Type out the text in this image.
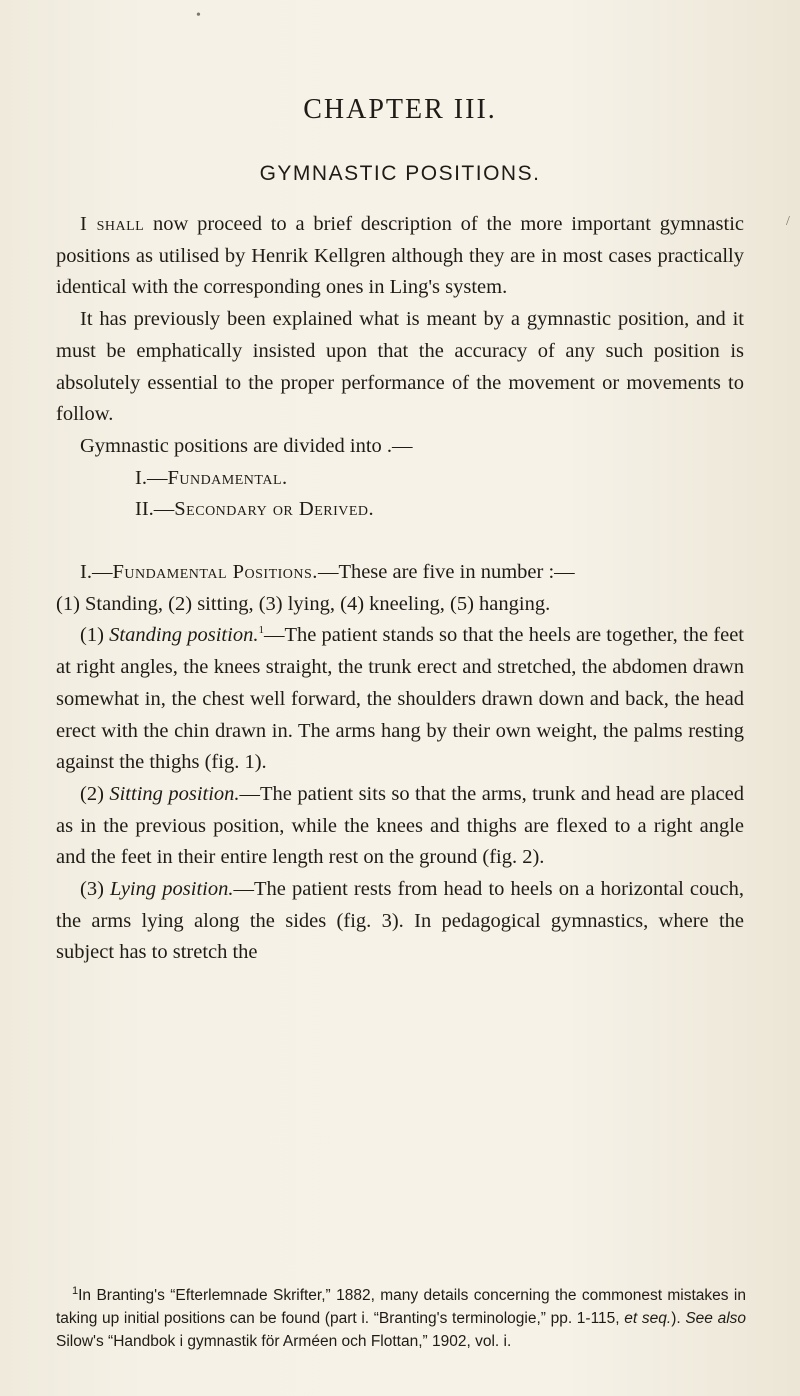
•
/
CHAPTER III.
GYMNASTIC POSITIONS.

I shall now proceed to a brief description of the more important gymnastic positions as utilised by Henrik Kellgren although they are in most cases practically identical with the corresponding ones in Ling's system.

It has previously been explained what is meant by a gymnastic position, and it must be emphatically insisted upon that the accuracy of any such position is absolutely essential to the proper performance of the movement or movements to follow.

Gymnastic positions are divided into .—

I.—Fundamental.

II.—Secondary or Derived.

I.—Fundamental Positions.—These are five in number :—

(1) Standing, (2) sitting, (3) lying, (4) kneeling, (5) hanging.

(1) Standing position.$^1$—The patient stands so that the heels are together, the feet at right angles, the knees straight, the trunk erect and stretched, the abdomen drawn somewhat in, the chest well forward, the shoulders drawn down and back, the head erect with the chin drawn in. The arms hang by their own weight, the palms resting against the thighs (fig. 1).

(2) Sitting position.—The patient sits so that the arms, trunk and head are placed as in the previous position, while the knees and thighs are flexed to a right angle and the feet in their entire length rest on the ground (fig. 2).

(3) Lying position.—The patient rests from head to heels on a horizontal couch, the arms lying along the sides (fig. 3). In pedagogical gymnastics, where the subject has to stretch the

$^1$In Branting's “Efterlemnade Skrifter,” 1882, many details concerning the commonest mistakes in taking up initial positions can be found (part i. “Branting's terminologie,” pp. 1-115, et seq.). See also Silow's “Handbok i gymnastik för Arméen och Flottan,” 1902, vol. i.
